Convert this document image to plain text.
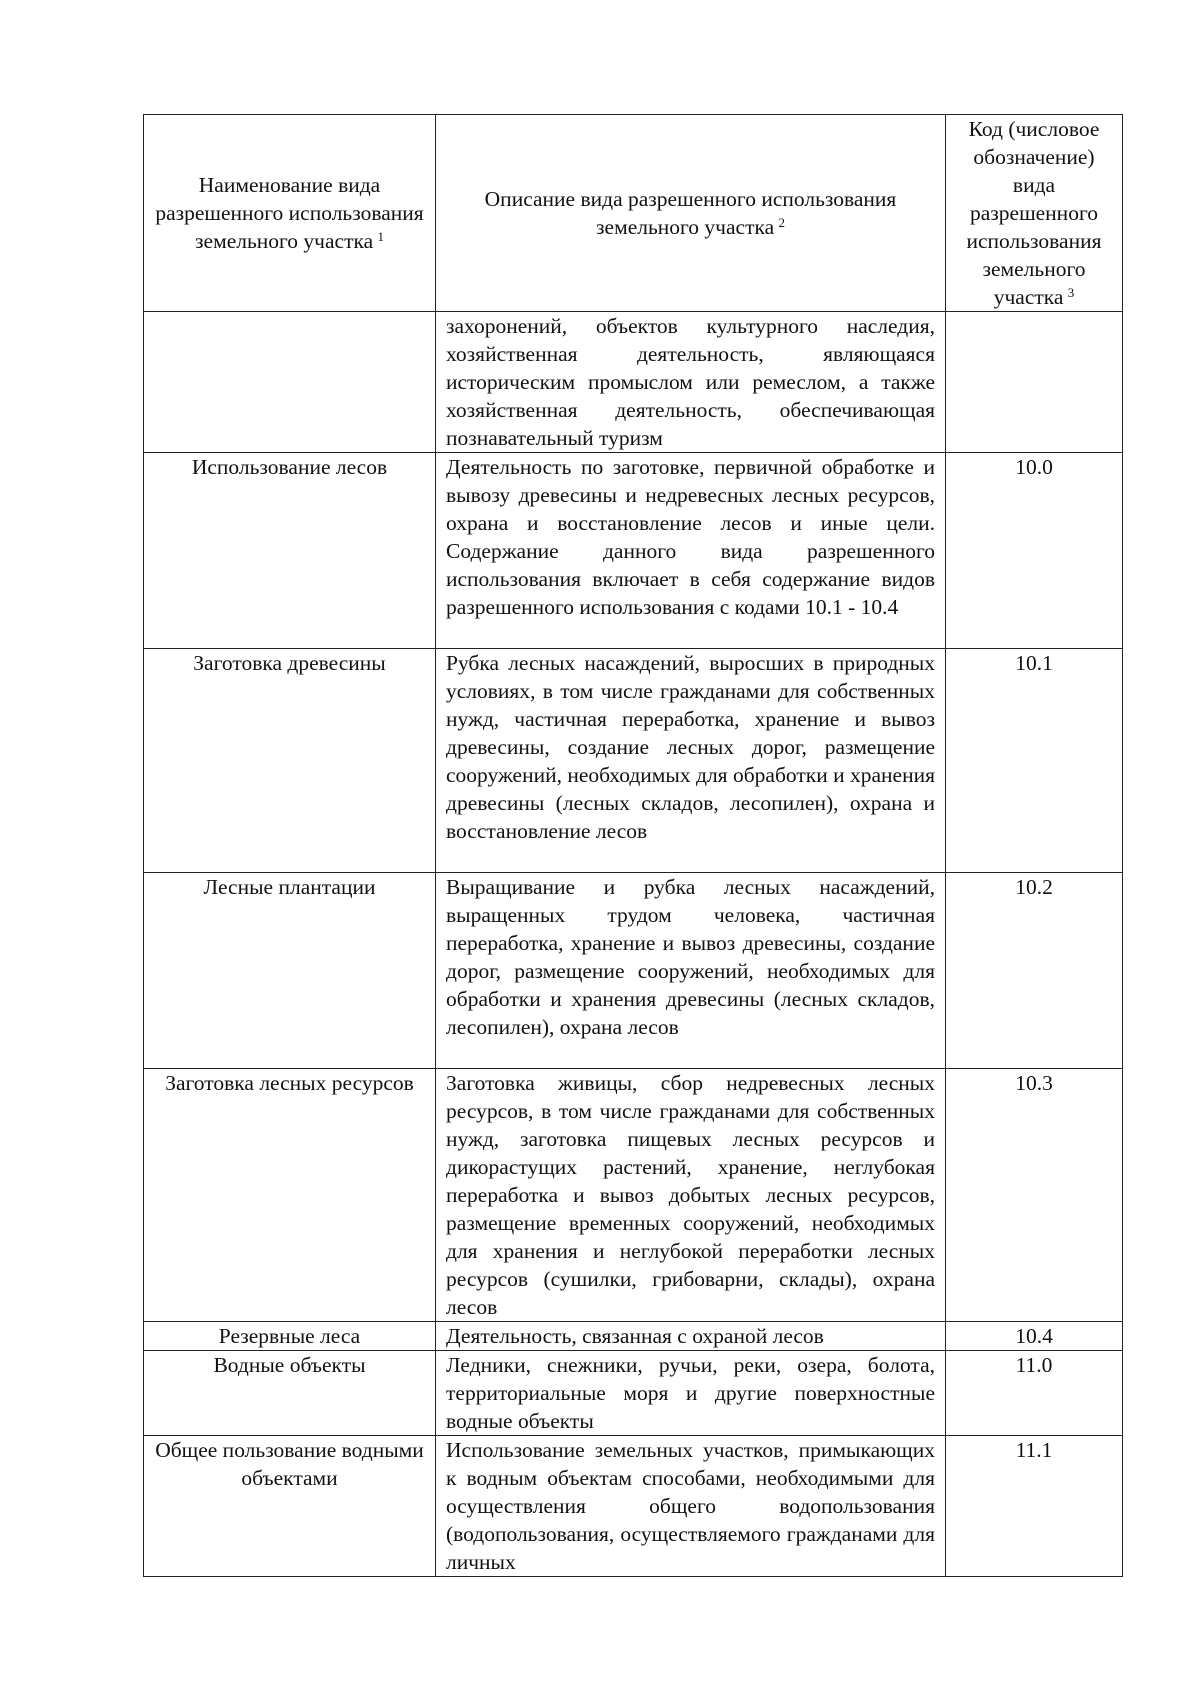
Наименование вида разрешенного использования земельного участка  $^1$	Описание вида разрешенного использования земельного участка  $^2$	Код (числовое обозначение) вида разрешенного использования земельного участка  $^3$
	захоронений, объектов культурного наследия, хозяйственная деятельность, являющаяся историческим промыслом или ремеслом, а также хозяйственная деятельность, обеспечивающая познавательный туризм	
Использование лесов	Деятельность по заготовке, первичной обработке и вывозу древесины и недревесных лесных ресурсов, охрана и восстановление лесов и иные цели. Содержание данного вида разрешенного использования включает в себя содержание видов разрешенного использования с кодами 10.1 - 10.4	10.0
Заготовка древесины	Рубка лесных насаждений, выросших в природных условиях, в том числе гражданами для собственных нужд, частичная переработка, хранение и вывоз древесины, создание лесных дорог, размещение сооружений, необходимых для обработки и хранения древесины (лесных складов, лесопилен), охрана и восстановление лесов	10.1
Лесные плантации	Выращивание и рубка лесных насаждений, выращенных трудом человека, частичная переработка, хранение и вывоз древесины, создание дорог, размещение сооружений, необходимых для обработки и хранения древесины (лесных складов, лесопилен), охрана лесов	10.2
Заготовка лесных ресурсов	Заготовка живицы, сбор недревесных лесных ресурсов, в том числе гражданами для собственных нужд, заготовка пищевых лесных ресурсов и дикорастущих растений, хранение, неглубокая переработка и вывоз добытых лесных ресурсов, размещение временных сооружений, необходимых для хранения и неглубокой переработки лесных ресурсов (сушилки, грибоварни, склады), охрана лесов	10.3
Резервные леса	Деятельность, связанная с охраной лесов	10.4
Водные объекты	Ледники, снежники, ручьи, реки, озера, болота, территориальные моря и другие поверхностные водные объекты	11.0
Общее пользование водными объектами	Использование земельных участков, примыкающих к водным объектам способами, необходимыми для осуществления общего водопользования (водопользования, осуществляемого гражданами для личных	11.1
